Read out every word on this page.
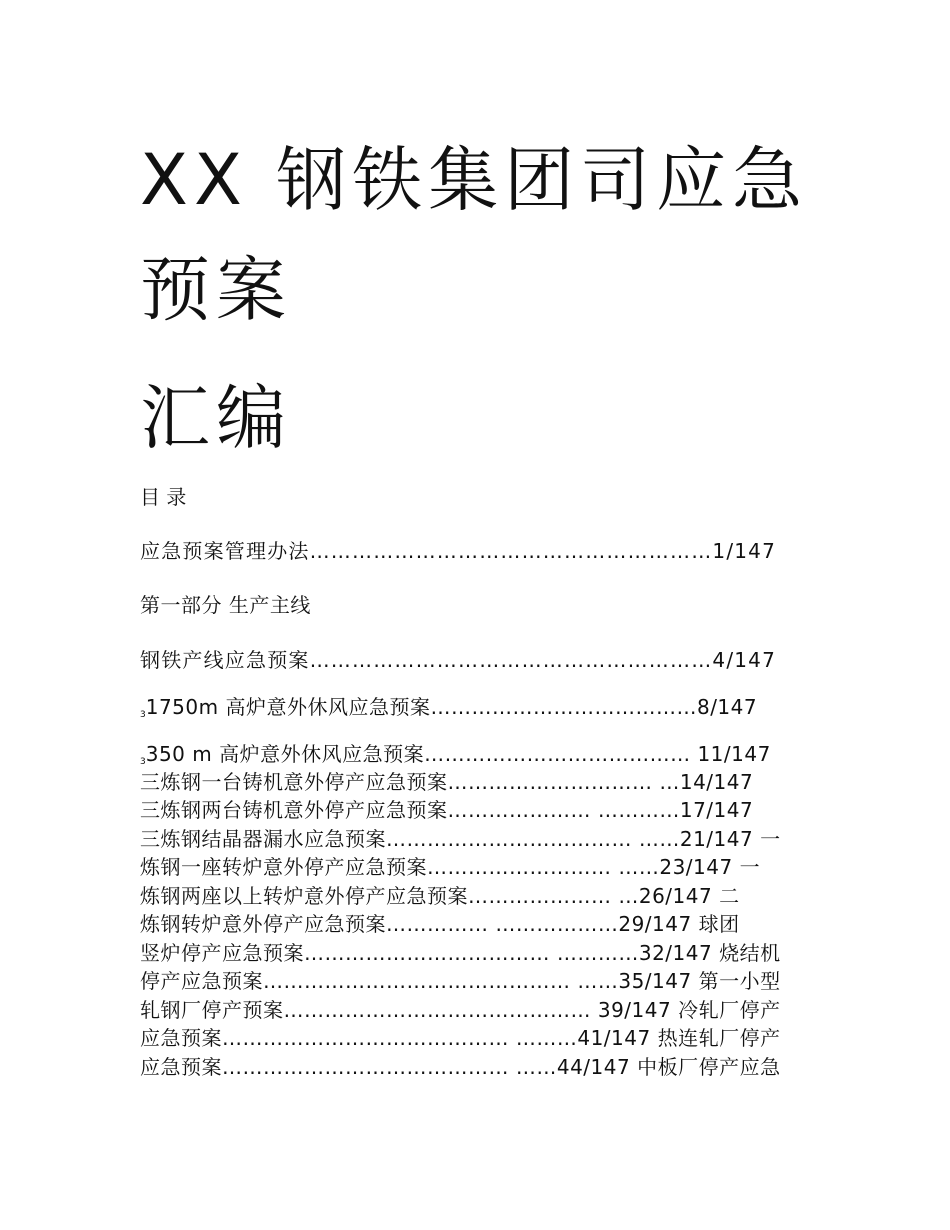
XX 钢铁集团司应急
预案
汇编
目 录
应急预案管理办法…………………………………………………1/147
第一部分 生产主线
钢铁产线应急预案…………………………………………………4/147
$_3$1750m 高炉意外休风应急预案…………………………………8/147
$_3$350 m 高炉意外休风应急预案………………………………… 11/147
三炼钢一台铸机意外停产应急预案………………………… …14/147
三炼钢两台铸机意外停产应急预案………………… …………17/147
三炼钢结晶器漏水应急预案……………………………… ……21/147 一
炼钢一座转炉意外停产应急预案……………………… ……23/147 一
炼钢两座以上转炉意外停产应急预案………………… …26/147 二
炼钢转炉意外停产应急预案…………… ………………29/147 球团
竖炉停产应急预案……………………………… …………32/147 烧结机
停产应急预案……………………………………… ……35/147 第一小型
轧钢厂停产预案……………………………………… 39/147 冷轧厂停产
应急预案…………………………………… ………41/147 热连轧厂停产
应急预案…………………………………… ……44/147 中板厂停产应急
